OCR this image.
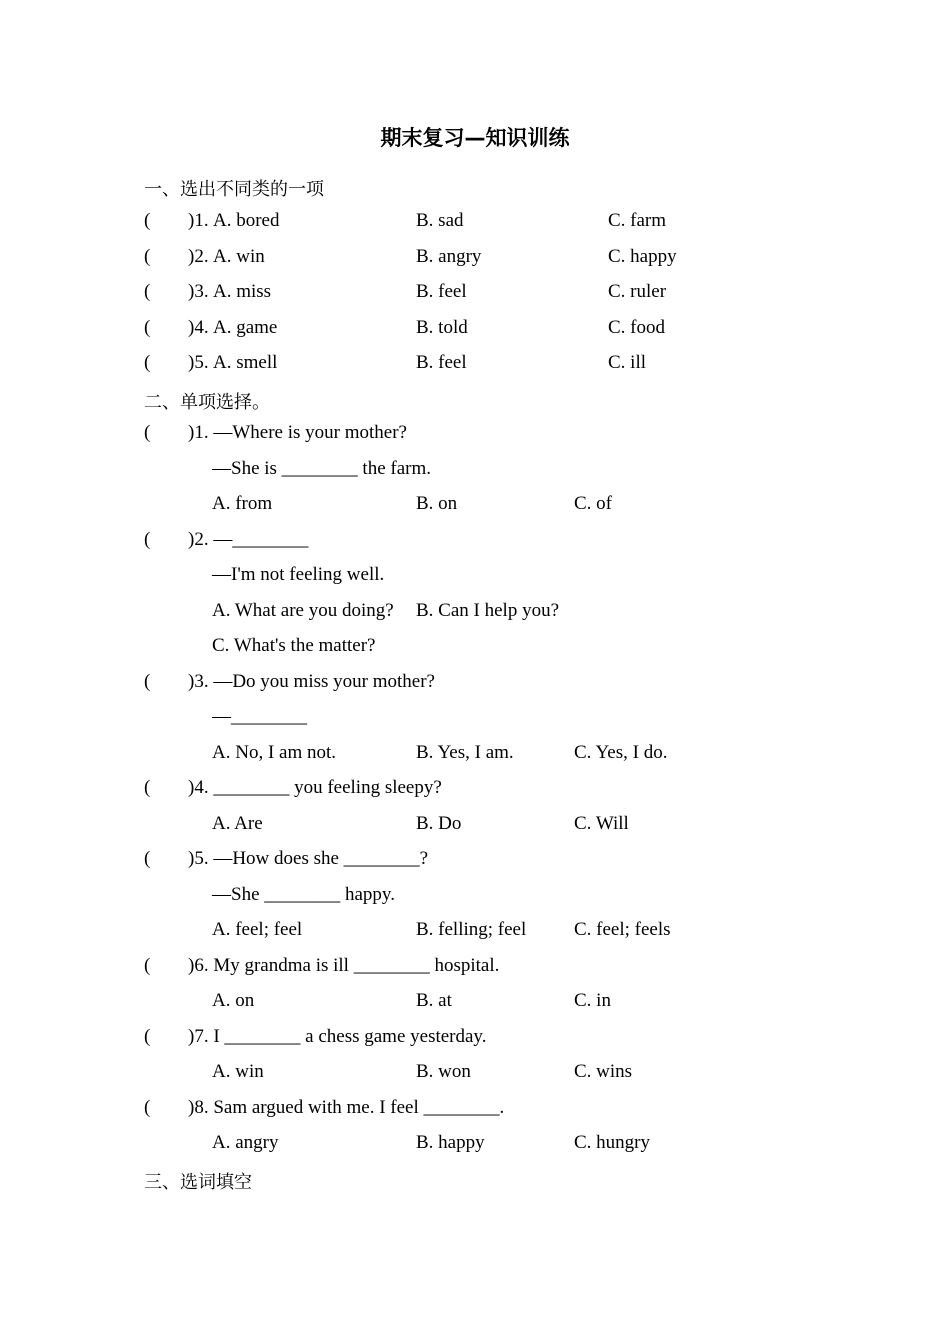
期末复习—知识训练
一、选出不同类的一项
( )1. A. bored	B. sad	C. farm
( )2. A. win	B. angry	C. happy
( )3. A. miss	B. feel	C. ruler
( )4. A. game	B. told	C. food
( )5. A. smell	B. feel	C. ill
二、单项选择。
( )1. —Where is your mother?
—She is ________ the farm.
A. from	B. on	C. of
( )2. —________
—I'm not feeling well.
A. What are you doing? B. Can I help you?
C. What's the matter?
( )3. —Do you miss your mother?
—________
A. No, I am not.	B. Yes, I am.	C. Yes, I do.
( )4. ________ you feeling sleepy?
A. Are	B. Do	C. Will
( )5. —How does she ________?
—She ________ happy.
A. feel; feel	B. felling; feel	C. feel; feels
( )6. My grandma is ill ________ hospital.
A. on	B. at	C. in
( )7. I ________ a chess game yesterday.
A. win	B. won	C. wins
( )8. Sam argued with me. I feel ________.
A. angry	B. happy	C. hungry
三、选词填空
